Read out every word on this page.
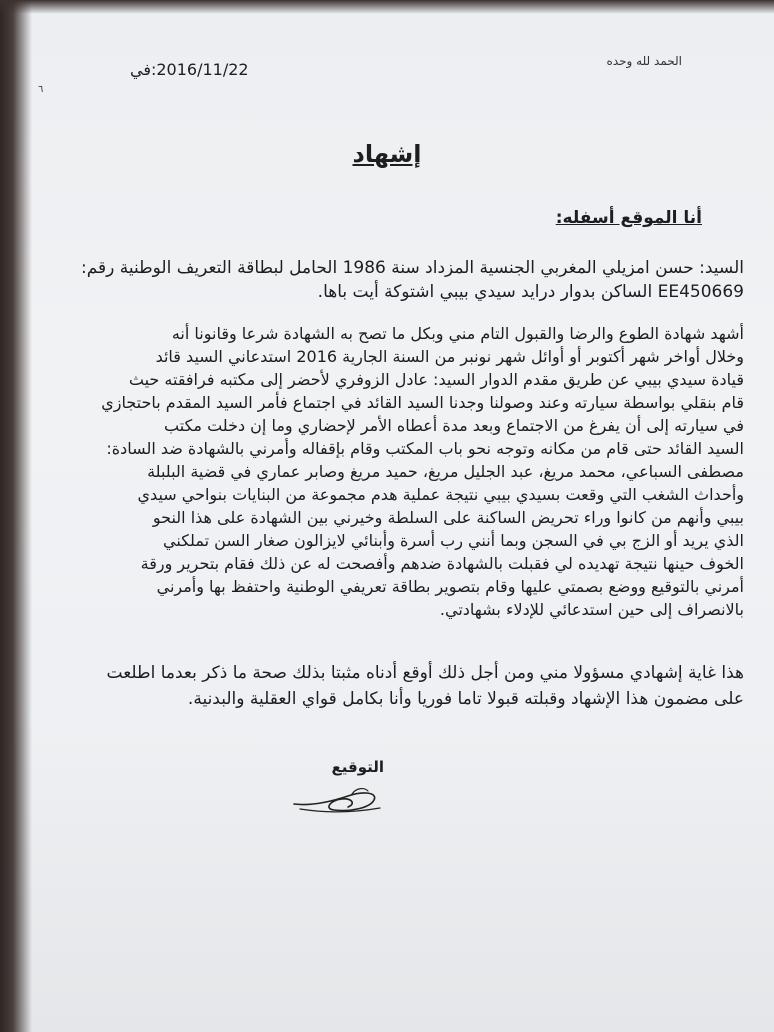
الحمد لله وحده
2016/11/22:في
٦
إشهاد
أنا الموقع أسفله:
السيد: حسن امزيلي المغربي الجنسية المزداد سنة 1986 الحامل لبطاقة التعريف الوطنية رقم:
EE450669 الساكن بدوار درايد سيدي بيبي اشتوكة أيت باها.
أشهد شهادة الطوع والرضا والقبول التام مني وبكل ما تصح به الشهادة شرعا وقانونا أنه
وخلال أواخر شهر أكتوبر أو أوائل شهر نونبر من السنة الجارية 2016 استدعاني السيد قائد
قيادة سيدي بيبي عن طريق مقدم الدوار السيد: عادل الزوفري لأحضر إلى مكتبه فرافقته حيث
قام بنقلي بواسطة سيارته وعند وصولنا وجدنا السيد القائد في اجتماع فأمر السيد المقدم باحتجازي
في سيارته إلى أن يفرغ من الاجتماع وبعد مدة أعطاه الأمر لإحضاري وما إن دخلت مكتب
السيد القائد حتى قام من مكانه وتوجه نحو باب المكتب وقام بإقفاله وأمرني بالشهادة ضد السادة:
مصطفى السباعي، محمد مريغ، عبد الجليل مريغ، حميد مريغ وصابر عماري في قضية البلبلة
وأحداث الشغب التي وقعت بسيدي بيبي نتيجة عملية هدم مجموعة من البنايات بنواحي سيدي
بيبي وأنهم من كانوا وراء تحريض الساكنة على السلطة وخيرني بين الشهادة على هذا النحو
الذي يريد أو الزج بي في السجن وبما أنني رب أسرة وأبنائي لايزالون صغار السن تملكني
الخوف حينها نتيجة تهديده لي فقبلت بالشهادة ضدهم وأفصحت له عن ذلك فقام بتحرير ورقة
أمرني بالتوقيع ووضع بصمتي عليها وقام بتصوير بطاقة تعريفي الوطنية واحتفظ بها وأمرني
بالانصراف إلى حين استدعائي للإدلاء بشهادتي.
هذا غاية إشهادي مسؤولا مني ومن أجل ذلك أوقع أدناه مثبتا بذلك صحة ما ذكر بعدما اطلعت
على مضمون هذا الإشهاد وقبلته قبولا تاما فوريا وأنا بكامل قواي العقلية والبدنية.
التوقيع
